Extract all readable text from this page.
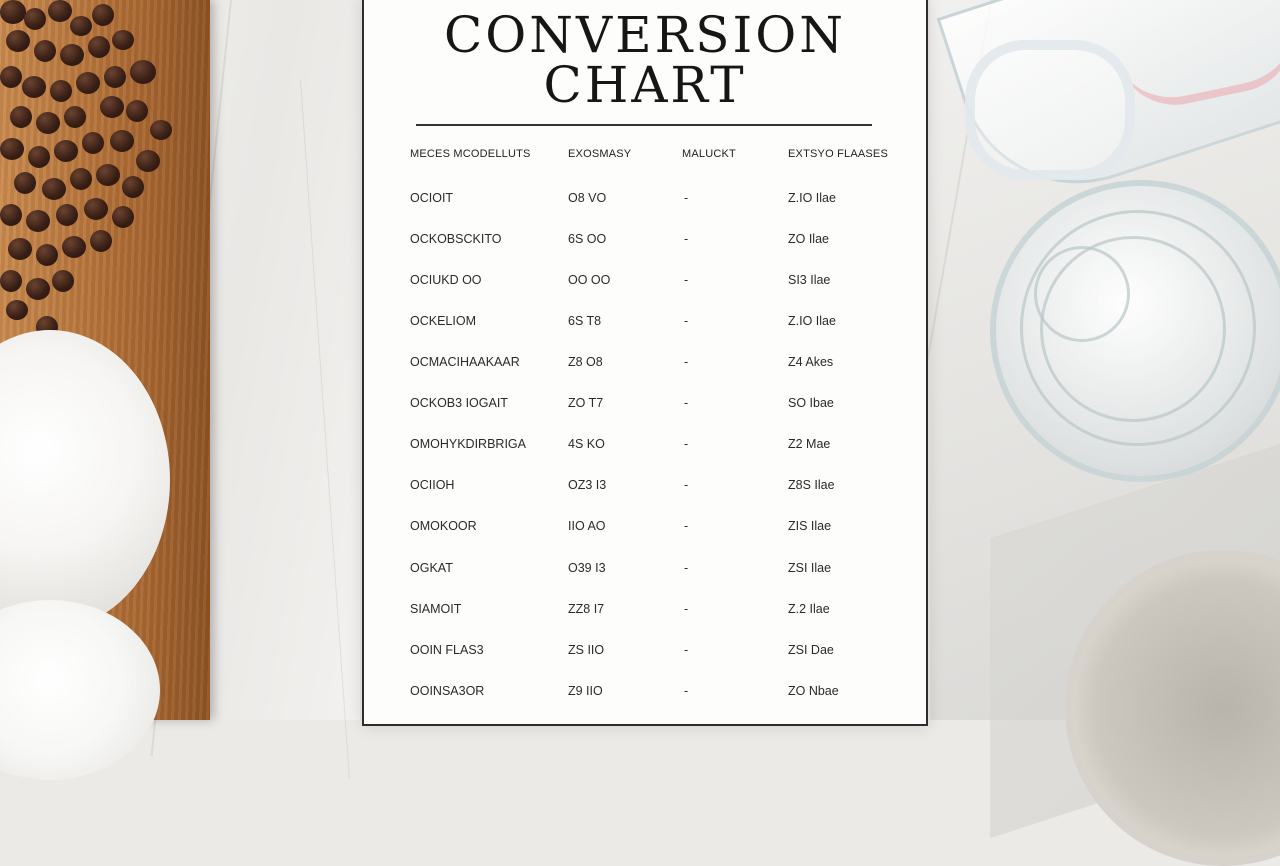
CONVERSION
CHART
MECES MCODELLUTS	EXOSMASY	MALUCKT	EXTSYO FLAASES
OCIOIT	O8 VO	-	Z.IO Ilae
OCKOBSCKITO	6S OO	-	ZO Ilae
OCIUKD OO	OO OO	-	SI3 Ilae
OCKELIOM	6S T8	-	Z.IO Ilae
OCMACIHAAKAAR	Z8 O8	-	Z4 Akes
OCKOB3 IOGAIT	ZO T7	-	SO Ibae
OMOHYKDIRBRIGA	4S KO	-	Z2 Mae
OCIIOH	OZ3 I3	-	Z8S Ilae
OMOKOOR	IIO AO	-	ZIS Ilae
OGKAT	O39 I3	-	ZSI Ilae
SIAMOIT	ZZ8 I7	-	Z.2 Ilae
OOIN FLAS3	ZS IIO	-	ZSI Dae
OOINSA3OR	Z9 IIO	-	ZO Nbae
